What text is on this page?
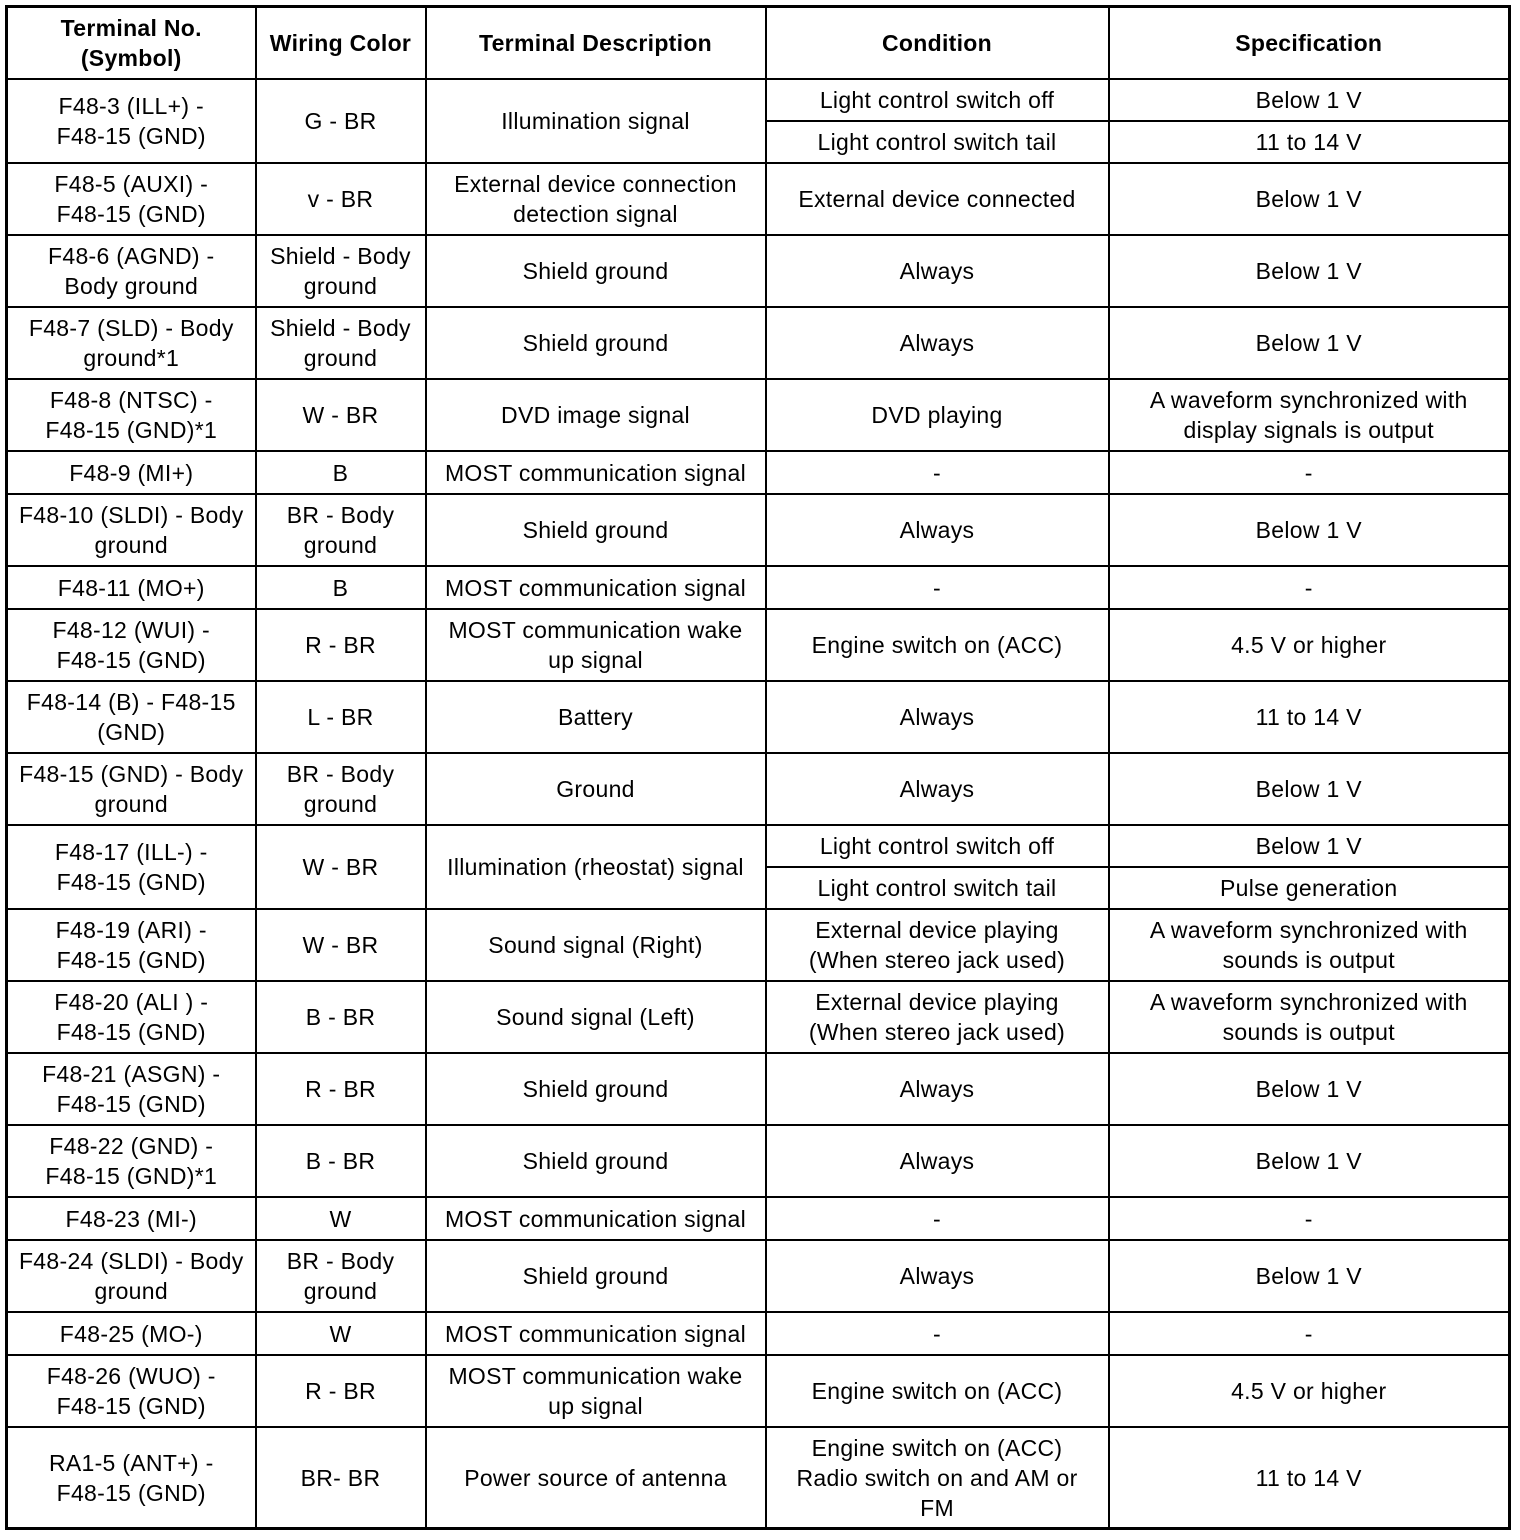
Terminal No.
(Symbol)	Wiring Color	Terminal Description	Condition	Specification
F48-3 (ILL+) -
F48-15 (GND)	G - BR	Illumination signal	Light control switch off	Below 1 V
			Light control switch tail	11 to 14 V
F48-5 (AUXI) -
F48-15 (GND)	v - BR	External device connection
detection signal	External device connected	Below 1 V
F48-6 (AGND) -
Body ground	Shield - Body
ground	Shield ground	Always	Below 1 V
F48-7 (SLD) - Body
ground*1	Shield - Body
ground	Shield ground	Always	Below 1 V
F48-8 (NTSC) -
F48-15 (GND)*1	W - BR	DVD image signal	DVD playing	A waveform synchronized with
display signals is output
F48-9 (MI+)	B	MOST communication signal	-	-
F48-10 (SLDI) - Body
ground	BR - Body
ground	Shield ground	Always	Below 1 V
F48-11 (MO+)	B	MOST communication signal	-	-
F48-12 (WUI) -
F48-15 (GND)	R - BR	MOST communication wake
up signal	Engine switch on (ACC)	4.5 V or higher
F48-14 (B) - F48-15
(GND)	L - BR	Battery	Always	11 to 14 V
F48-15 (GND) - Body
ground	BR - Body
ground	Ground	Always	Below 1 V
F48-17 (ILL-) -
F48-15 (GND)	W - BR	Illumination (rheostat) signal	Light control switch off	Below 1 V
			Light control switch tail	Pulse generation
F48-19 (ARI) -
F48-15 (GND)	W - BR	Sound signal (Right)	External device playing
(When stereo jack used)	A waveform synchronized with
sounds is output
F48-20 (ALI ) -
F48-15 (GND)	B - BR	Sound signal (Left)	External device playing
(When stereo jack used)	A waveform synchronized with
sounds is output
F48-21 (ASGN) -
F48-15 (GND)	R - BR	Shield ground	Always	Below 1 V
F48-22 (GND) -
F48-15 (GND)*1	B - BR	Shield ground	Always	Below 1 V
F48-23 (MI-)	W	MOST communication signal	-	-
F48-24 (SLDI) - Body
ground	BR - Body
ground	Shield ground	Always	Below 1 V
F48-25 (MO-)	W	MOST communication signal	-	-
F48-26 (WUO) -
F48-15 (GND)	R - BR	MOST communication wake
up signal	Engine switch on (ACC)	4.5 V or higher
RA1-5 (ANT+) -
F48-15 (GND)	BR- BR	Power source of antenna	Engine switch on (ACC)
Radio switch on and AM or
FM	11 to 14 V
